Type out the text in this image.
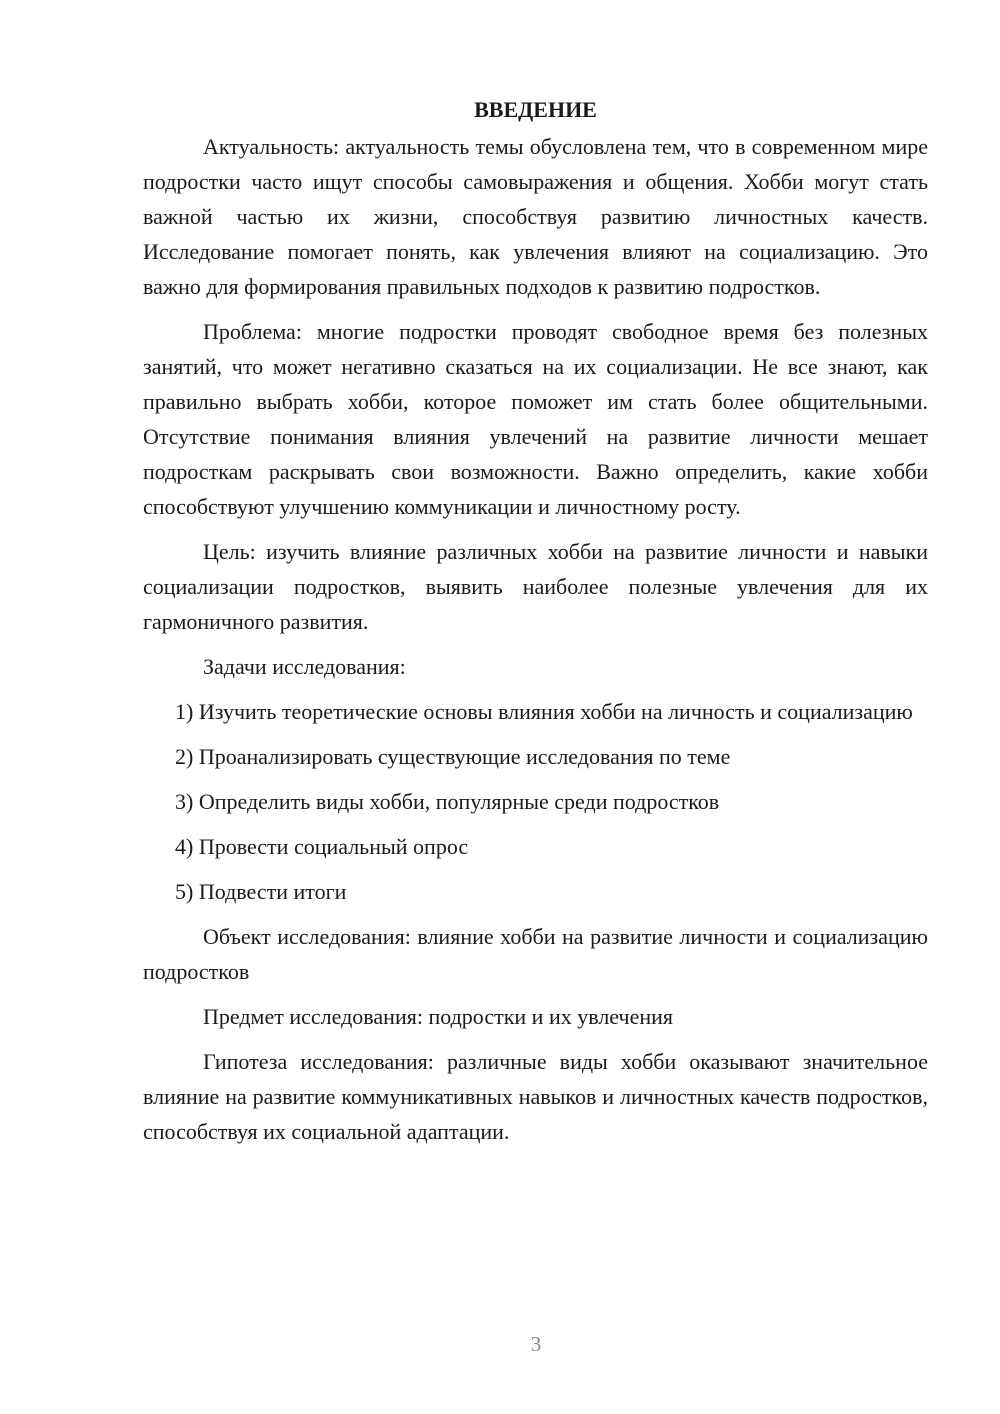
ВВЕДЕНИЕ

Актуальность: актуальность темы обусловлена тем, что в современном мире подростки часто ищут способы самовыражения и общения. Хобби могут стать важной частью их жизни, способствуя развитию личностных качеств. Исследование помогает понять, как увлечения влияют на социализацию. Это важно для формирования правильных подходов к развитию подростков.

Проблема: многие подростки проводят свободное время без полезных занятий, что может негативно сказаться на их социализации. Не все знают, как правильно выбрать хобби, которое поможет им стать более общительными. Отсутствие понимания влияния увлечений на развитие личности мешает подросткам раскрывать свои возможности. Важно определить, какие хобби способствуют улучшению коммуникации и личностному росту.

Цель: изучить влияние различных хобби на развитие личности и навыки социализации подростков, выявить наиболее полезные увлечения для их гармоничного развития.

Задачи исследования:

1) Изучить теоретические основы влияния хобби на личность и социализацию

2) Проанализировать существующие исследования по теме

3) Определить виды хобби, популярные среди подростков

4) Провести социальный опрос

5) Подвести итоги

Объект исследования: влияние хобби на развитие личности и социализацию подростков

Предмет исследования: подростки и их увлечения

Гипотеза исследования: различные виды хобби оказывают значительное влияние на развитие коммуникативных навыков и личностных качеств подростков, способствуя их социальной адаптации.

3
